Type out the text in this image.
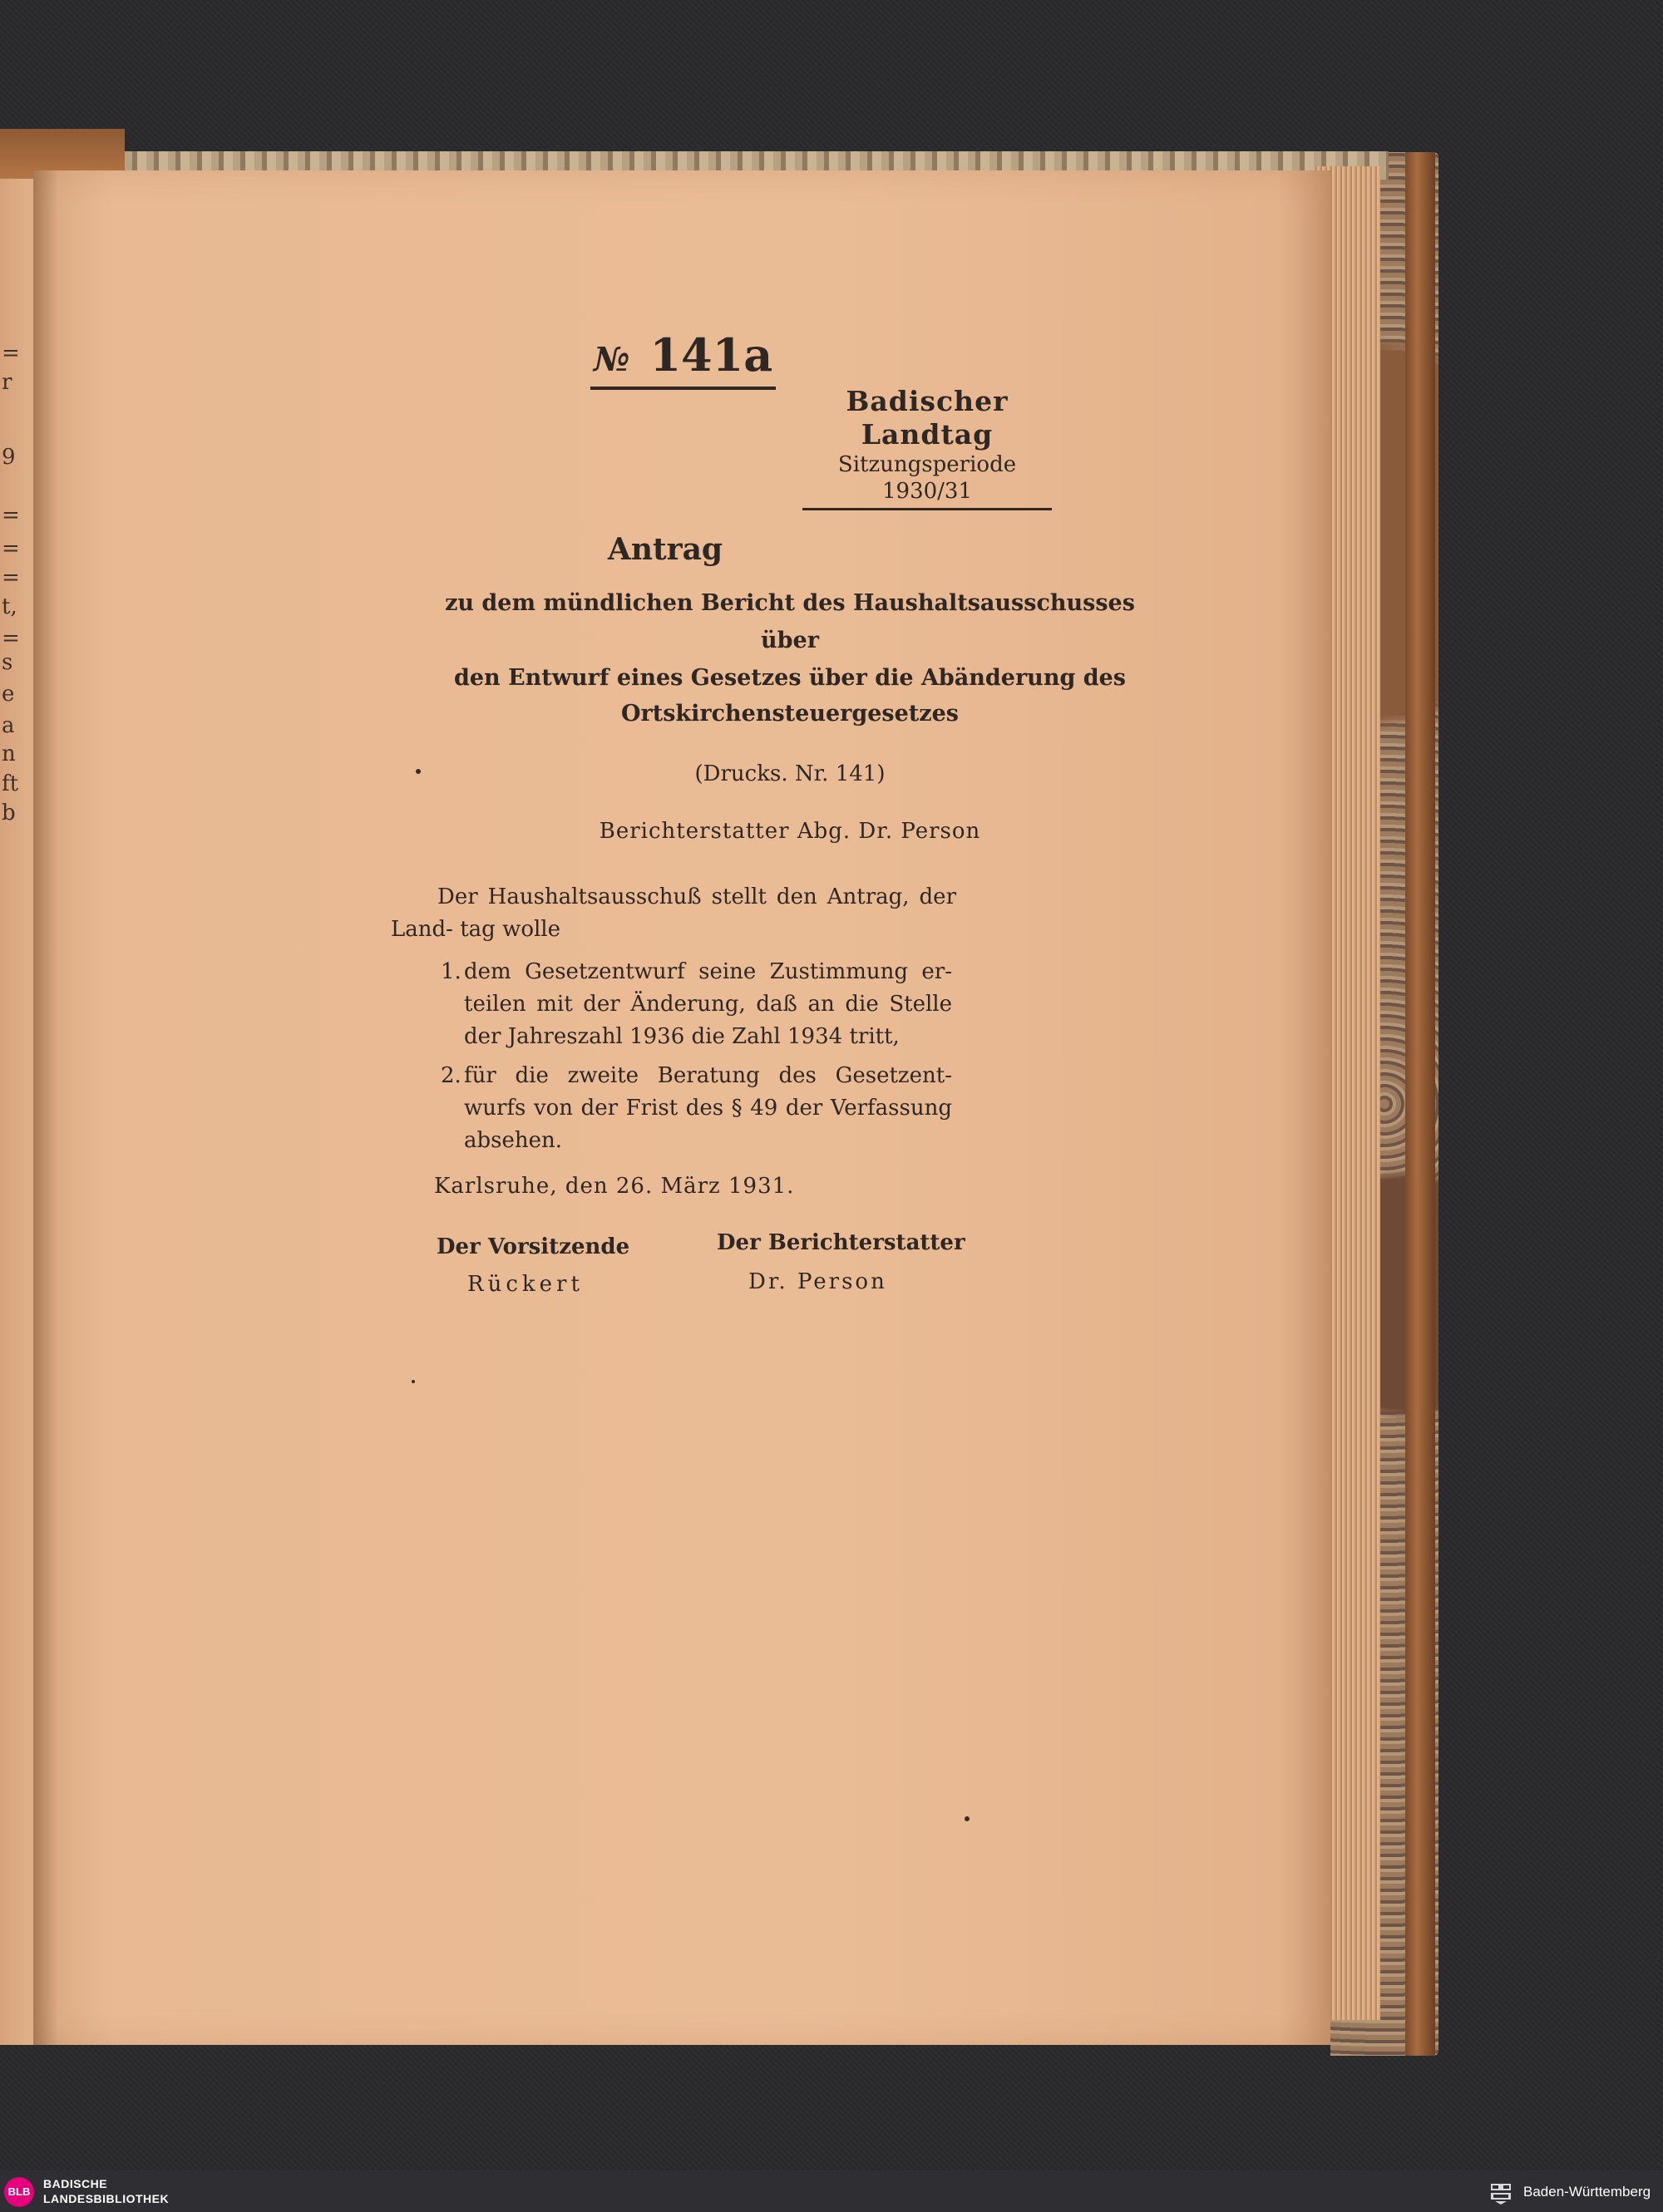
=
r
9
=
=
=
t,
=
s
e
a
n
ft
b
№ 141a
Badischer Landtag
Sitzungsperiode
1930/31
Antrag
zu dem mündlichen Bericht des Haushaltsausschusses
über
den Entwurf eines Gesetzes über die Abänderung des
Ortskirchensteuergesetzes
(Drucks. Nr. 141)
Berichterstatter Abg. Dr. Person
Der Haushaltsausschuß stellt den Antrag, der Land- tag wolle
1. dem Gesetzentwurf seine Zustimmung er- teilen mit der Änderung, daß an die Stelle der Jahreszahl 1936 die Zahl 1934 tritt,
2. für die zweite Beratung des Gesetzent- wurfs von der Frist des § 49 der Verfassung absehen.
Karlsruhe, den 26. März 1931.
Der Vorsitzende	Der Berichterstatter
Rückert	Dr. Person
BLB
BADISCHE
LANDESBIBLIOTHEK	Baden-Württemberg
